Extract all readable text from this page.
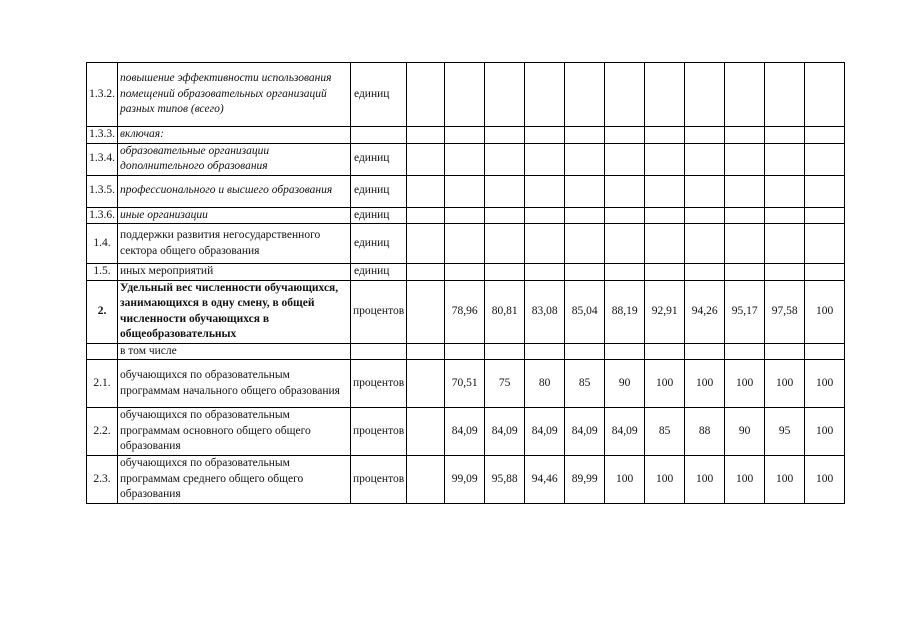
1.3.2.	повышение эффективности использования помещений образовательных организаций разных типов (всего)	единиц											
1.3.3.	включая:												
1.3.4.	образовательные организации дополнительного образования	единиц											
1.3.5.	профессионального и высшего образования	единиц											
1.3.6.	иные организации	единиц											
1.4.	поддержки развития негосударственного сектора общего образования	единиц											
1.5.	иных мероприятий	единиц											
2.	Удельный вес численности обучающихся, занимающихся в одну смену, в общей численности обучающихся в общеобразовательных	процентов		78,96	80,81	83,08	85,04	88,19	92,91	94,26	95,17	97,58	100
	в том числе												
2.1.	обучающихся по образовательным программам начального общего образования	процентов		70,51	75	80	85	90	100	100	100	100	100
2.2.	обучающихся по образовательным программам основного общего общего образования	процентов		84,09	84,09	84,09	84,09	84,09	85	88	90	95	100
2.3.	обучающихся по образовательным программам среднего общего общего образования	процентов		99,09	95,88	94,46	89,99	100	100	100	100	100	100
